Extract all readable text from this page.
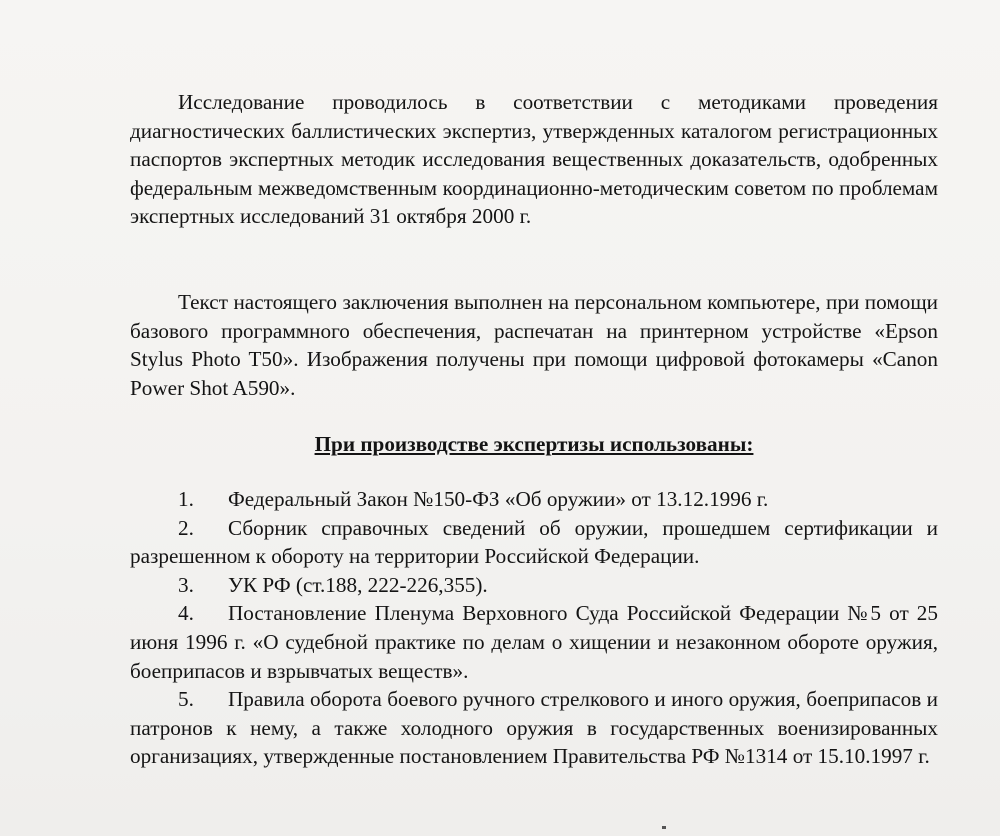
Исследование проводилось в соответствии с методиками проведения диагностических баллистических экспертиз, утвержденных каталогом регистрационных паспортов экспертных методик исследования вещественных доказательств, одобренных федеральным межведомственным координационно-методическим советом по проблемам экспертных исследований 31 октября 2000 г.

Текст настоящего заключения выполнен на персональном компьютере, при помощи базового программного обеспечения, распечатан на принтерном устройстве «Epson Stylus Photo T50». Изображения получены при помощи цифровой фотокамеры «Canon Power Shot A590».

При производстве экспертизы использованы:

1. Федеральный Закон №150-ФЗ «Об оружии» от 13.12.1996 г.

2. Сборник справочных сведений об оружии, прошедшем сертификации и разрешенном к обороту на территории Российской Федерации.

3. УК РФ (ст.188, 222-226,355).

4. Постановление Пленума Верховного Суда Российской Федерации №5 от 25 июня 1996 г. «О судебной практике по делам о хищении и незаконном обороте оружия, боеприпасов и взрывчатых веществ».

5. Правила оборота боевого ручного стрелкового и иного оружия, боеприпасов и патронов к нему, а также холодного оружия в государственных военизированных организациях, утвержденные постановлением Правительства РФ №1314 от 15.10.1997 г.
